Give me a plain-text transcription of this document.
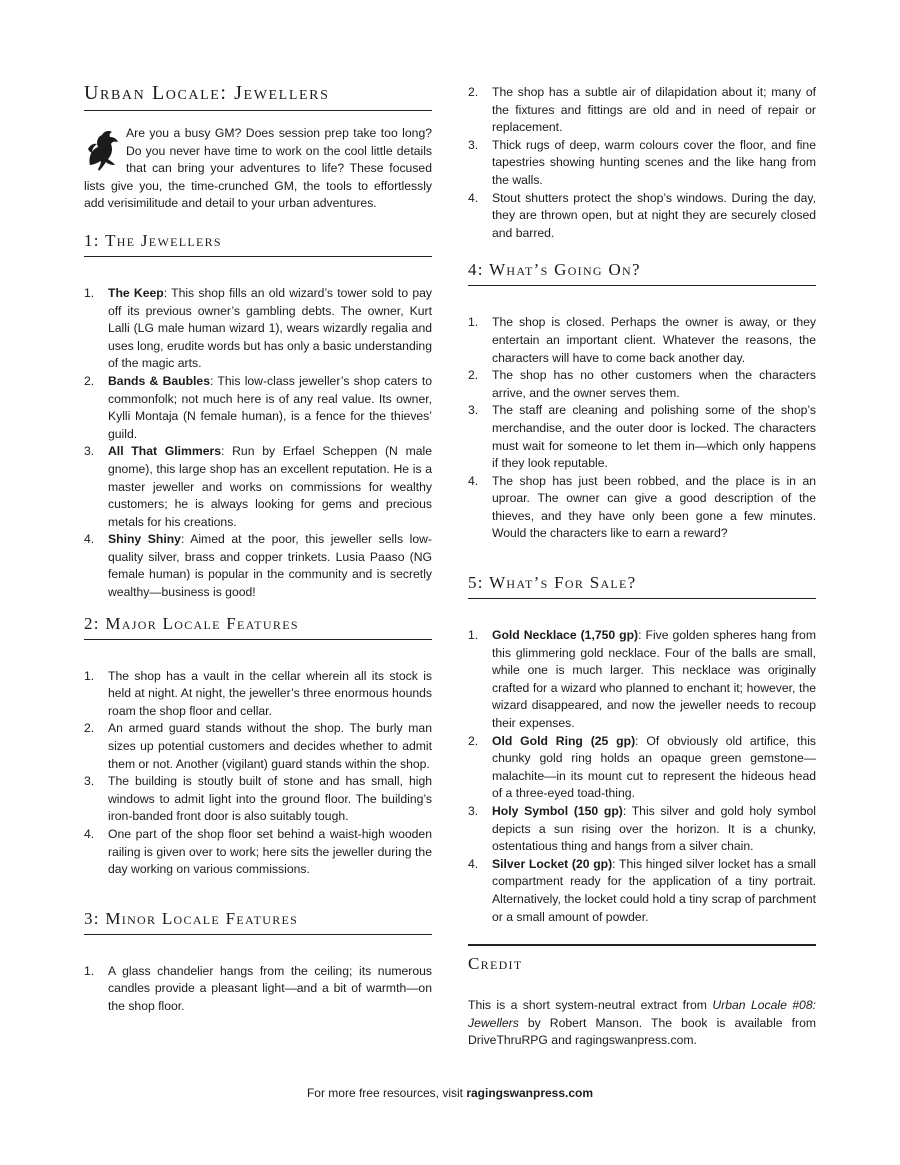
Urban Locale: Jewellers

Are you a busy GM? Does session prep take too long? Do you never have time to work on the cool little details that can bring your adventures to life? These focused lists give you, the time-crunched GM, the tools to effortlessly add verisimilitude and detail to your urban adventures.

1: The Jewellers
1. The Keep: This shop fills an old wizard’s tower sold to pay off its previous owner’s gambling debts. The owner, Kurt Lalli (LG male human wizard 1), wears wizardly regalia and uses long, erudite words but has only a basic understanding of the magic arts.
2. Bands & Baubles: This low-class jeweller’s shop caters to commonfolk; not much here is of any real value. Its owner, Kylli Montaja (N female human), is a fence for the thieves’ guild.
3. All That Glimmers: Run by Erfael Scheppen (N male gnome), this large shop has an excellent reputation. He is a master jeweller and works on commissions for wealthy customers; he is always looking for gems and precious metals for his creations.
4. Shiny Shiny: Aimed at the poor, this jeweller sells low-quality silver, brass and copper trinkets. Lusia Paaso (NG female human) is popular in the community and is secretly wealthy—business is good!
2: Major Locale Features
1. The shop has a vault in the cellar wherein all its stock is held at night. At night, the jeweller’s three enormous hounds roam the shop floor and cellar.
2. An armed guard stands without the shop. The burly man sizes up potential customers and decides whether to admit them or not. Another (vigilant) guard stands within the shop.
3. The building is stoutly built of stone and has small, high windows to admit light into the ground floor. The building’s iron-banded front door is also suitably tough.
4. One part of the shop floor set behind a waist-high wooden railing is given over to work; here sits the jeweller during the day working on various commissions.
3: Minor Locale Features
1. A glass chandelier hangs from the ceiling; its numerous candles provide a pleasant light—and a bit of warmth—on the shop floor.
2. The shop has a subtle air of dilapidation about it; many of the fixtures and fittings are old and in need of repair or replacement.
3. Thick rugs of deep, warm colours cover the floor, and fine tapestries showing hunting scenes and the like hang from the walls.
4. Stout shutters protect the shop’s windows. During the day, they are thrown open, but at night they are securely closed and barred.
4: What’s Going On?
1. The shop is closed. Perhaps the owner is away, or they entertain an important client. Whatever the reasons, the characters will have to come back another day.
2. The shop has no other customers when the characters arrive, and the owner serves them.
3. The staff are cleaning and polishing some of the shop’s merchandise, and the outer door is locked. The characters must wait for someone to let them in—which only happens if they look reputable.
4. The shop has just been robbed, and the place is in an uproar. The owner can give a good description of the thieves, and they have only been gone a few minutes. Would the characters like to earn a reward?
5: What’s For Sale?
1. Gold Necklace (1,750 gp): Five golden spheres hang from this glimmering gold necklace. Four of the balls are small, while one is much larger. This necklace was originally crafted for a wizard who planned to enchant it; however, the wizard disappeared, and now the jeweller needs to recoup their expenses.
2. Old Gold Ring (25 gp): Of obviously old artifice, this chunky gold ring holds an opaque green gemstone—malachite—in its mount cut to represent the hideous head of a three-eyed toad-thing.
3. Holy Symbol (150 gp): This silver and gold holy symbol depicts a sun rising over the horizon. It is a chunky, ostentatious thing and hangs from a silver chain.
4. Silver Locket (20 gp): This hinged silver locket has a small compartment ready for the application of a tiny portrait. Alternatively, the locket could hold a tiny scrap of parchment or a small amount of powder.
Credit

This is a short system-neutral extract from Urban Locale #08: Jewellers by Robert Manson. The book is available from DriveThruRPG and ragingswanpress.com.

For more free resources, visit ragingswanpress.com
